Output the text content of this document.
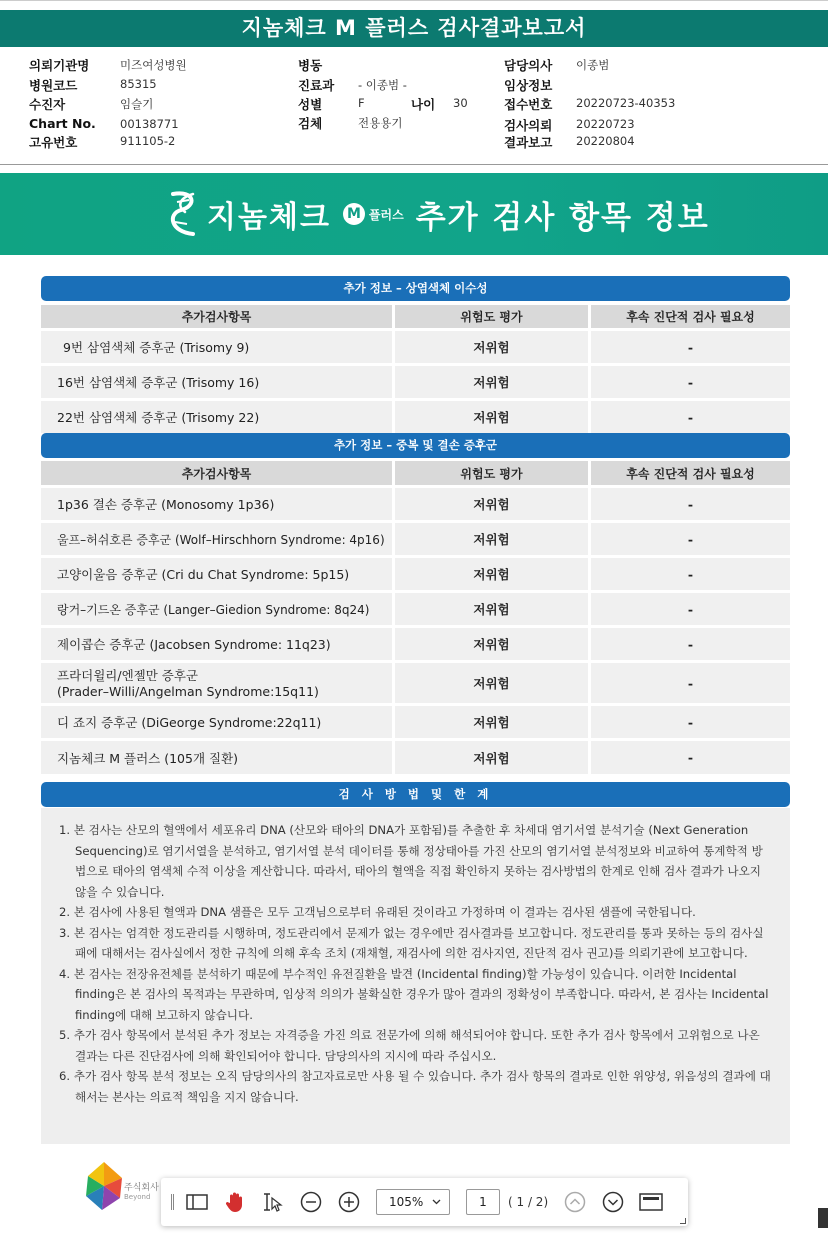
지놈체크 M 플러스 검사결과보고서
의뢰기관명	미즈여성병원
병원코드	85315
수진자	임슬기
Chart No. 00138771
고유번호	911105-2
병동
진료과 - 이종범 -
성별	F	나이 30
검체	전용용기
담당의사 이종범
임상정보
접수번호 20220723-40353
검사의뢰 20220723
결과보고 20220804
지놈체크 M 플러스 추가 검사 항목 정보
추가 정보 – 상염색체 이수성
추가검사항목	위험도 평가	후속 진단적 검사 필요성
9번 삼염색체 증후군 (Trisomy 9)	저위험	-
16번 삼염색체 증후군 (Trisomy 16)	저위험	-
22번 삼염색체 증후군 (Trisomy 22)	저위험	-
추가 정보 – 중복 및 결손 증후군
추가검사항목	위험도 평가	후속 진단적 검사 필요성
1p36 결손 증후군 (Monosomy 1p36)	저위험	-
울프–허쉬호른 증후군 (Wolf–Hirschhorn Syndrome: 4p16)	저위험	-
고양이울음 증후군 (Cri du Chat Syndrome: 5p15)	저위험	-
랑거–기드온 증후군 (Langer–Giedion Syndrome: 8q24)	저위험	-
제이콥슨 증후군 (Jacobsen Syndrome: 11q23)	저위험	-
프라더윌리/엔젤만 증후군
(Prader–Willi/Angelman Syndrome:15q11)
저위험	-
디 죠지 증후군 (DiGeorge Syndrome:22q11)	저위험	-
지놈체크 M 플러스 (105개 질환)	저위험	-
검 사 방 법 및 한 계

1. 본 검사는 산모의 혈액에서 세포유리 DNA (산모와 태아의 DNA가 포함됨)를 추출한 후 차세대 염기서열 분석기술 (Next Generation Sequencing)로 염기서열을 분석하고, 염기서열 분석 데이터를 통해 정상태아를 가진 산모의 염기서열 분석정보와 비교하여 통계학적 방법으로 태아의 염색체 수적 이상을 계산합니다. 따라서, 태아의 혈액을 직접 확인하지 못하는 검사방법의 한계로 인해 검사 결과가 나오지 않을 수 있습니다.

2. 본 검사에 사용된 혈액과 DNA 샘플은 모두 고객님으로부터 유래된 것이라고 가정하며 이 결과는 검사된 샘플에 국한됩니다.

3. 본 검사는 엄격한 정도관리를 시행하며, 정도관리에서 문제가 없는 경우에만 검사결과를 보고합니다. 정도관리를 통과 못하는 등의 검사실패에 대해서는 검사실에서 정한 규칙에 의해 후속 조치 (재채혈, 재검사에 의한 검사지연, 진단적 검사 권고)를 의뢰기관에 보고합니다.

4. 본 검사는 전장유전체를 분석하기 때문에 부수적인 유전질환을 발견 (Incidental finding)할 가능성이 있습니다. 이러한 Incidental finding은 본 검사의 목적과는 무관하며, 임상적 의의가 불확실한 경우가 많아 결과의 정확성이 부족합니다. 따라서, 본 검사는 Incidental finding에 대해 보고하지 않습니다.

5. 추가 검사 항목에서 분석된 추가 정보는 자격증을 가진 의료 전문가에 의해 해석되어야 합니다. 또한 추가 검사 항목에서 고위험으로 나온 결과는 다른 진단검사에 의해 확인되어야 합니다. 담당의사의 지시에 따라 주십시오.

6. 추가 검사 항목 분석 정보는 오직 담당의사의 참고자료로만 사용 될 수 있습니다. 추가 검사 항목의 결과로 인한 위양성, 위음성의 결과에 대해서는 본사는 의료적 책임을 지지 않습니다.

주식회사
Beyond	105%	1	( 1 / 2)
